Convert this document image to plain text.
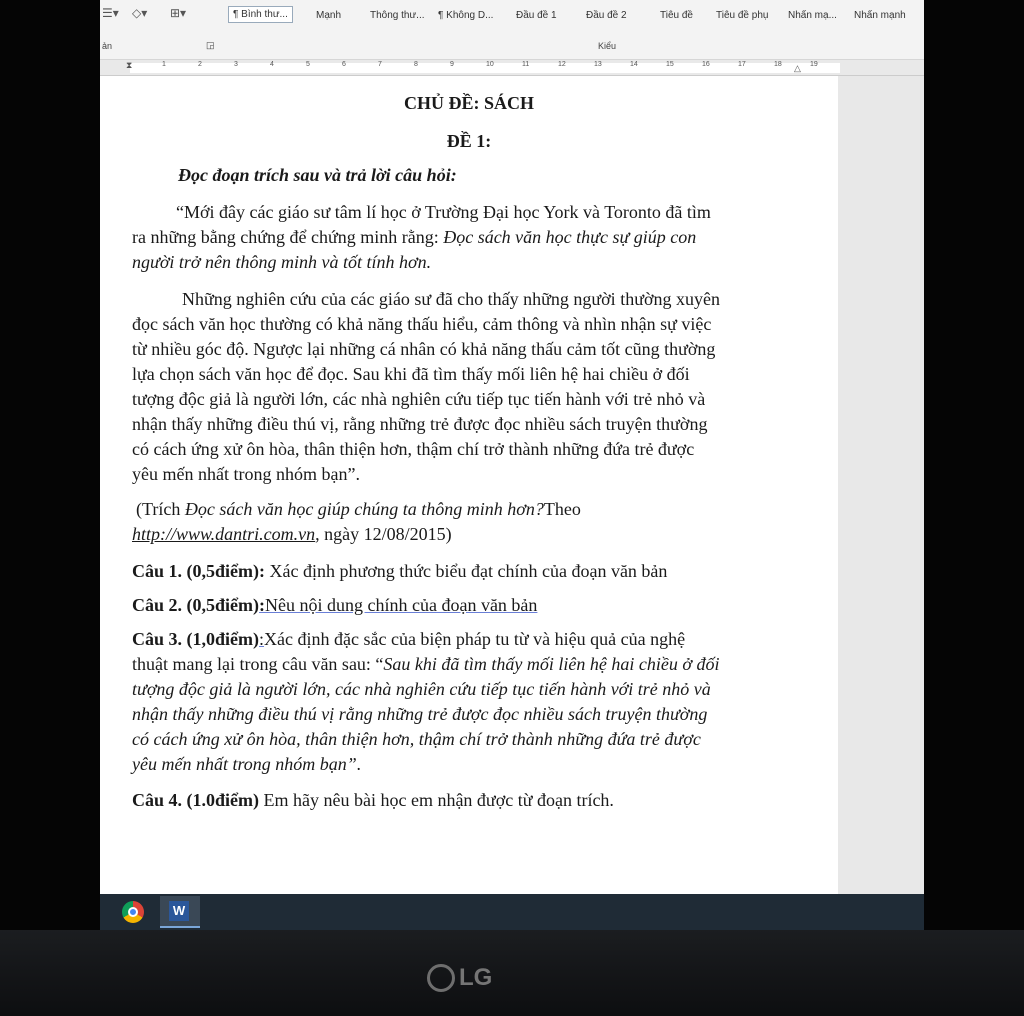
☰▾ ◇▾ ⊞▾	¶ Bình thư...	Mạnh	Thông thư... ¶ Không D... Đầu đề 1	Đầu đề 2	Tiêu đề Tiêu đề phụ Nhấn mạ... Nhấn mạnh
ản	◲	Kiểu
1	2	3	4	5	6	7	8	9	10	11	12	13	14	15	16	17	18	19
⧗	△
CHỦ ĐỀ: SÁCH
ĐỀ 1:
Đọc đoạn trích sau và trả lời câu hỏi:
“Mới đây các giáo sư tâm lí học ở Trường Đại học York và Toronto đã tìm
ra những bằng chứng để chứng minh rằng: Đọc sách văn học thực sự giúp con
người trở nên thông minh và tốt tính hơn.
Những nghiên cứu của các giáo sư đã cho thấy những người thường xuyên
đọc sách văn học thường có khả năng thấu hiểu, cảm thông và nhìn nhận sự việc
từ nhiều góc độ. Ngược lại những cá nhân có khả năng thấu cảm tốt cũng thường
lựa chọn sách văn học để đọc. Sau khi đã tìm thấy mối liên hệ hai chiều ở đối
tượng độc giả là người lớn, các nhà nghiên cứu tiếp tục tiến hành với trẻ nhỏ và
nhận thấy những điều thú vị, rằng những trẻ được đọc nhiều sách truyện thường
có cách ứng xử ôn hòa, thân thiện hơn, thậm chí trở thành những đứa trẻ được
yêu mến nhất trong nhóm bạn”.
(Trích Đọc sách văn học giúp chúng ta thông minh hơn?Theo
http://www.dantri.com.vn, ngày 12/08/2015)
Câu 1. (0,5điểm): Xác định phương thức biểu đạt chính của đoạn văn bản
Câu 2. (0,5điểm):Nêu nội dung chính của đoạn văn bản
Câu 3. (1,0điểm):Xác định đặc sắc của biện pháp tu từ và hiệu quả của nghệ
thuật mang lại trong câu văn sau: “Sau khi đã tìm thấy mối liên hệ hai chiều ở đối
tượng độc giả là người lớn, các nhà nghiên cứu tiếp tục tiến hành với trẻ nhỏ và
nhận thấy những điều thú vị rằng những trẻ được đọc nhiều sách truyện thường
có cách ứng xử ôn hòa, thân thiện hơn, thậm chí trở thành những đứa trẻ được
yêu mến nhất trong nhóm bạn”.
Câu 4. (1.0điểm) Em hãy nêu bài học em nhận được từ đoạn trích.
W
LG
